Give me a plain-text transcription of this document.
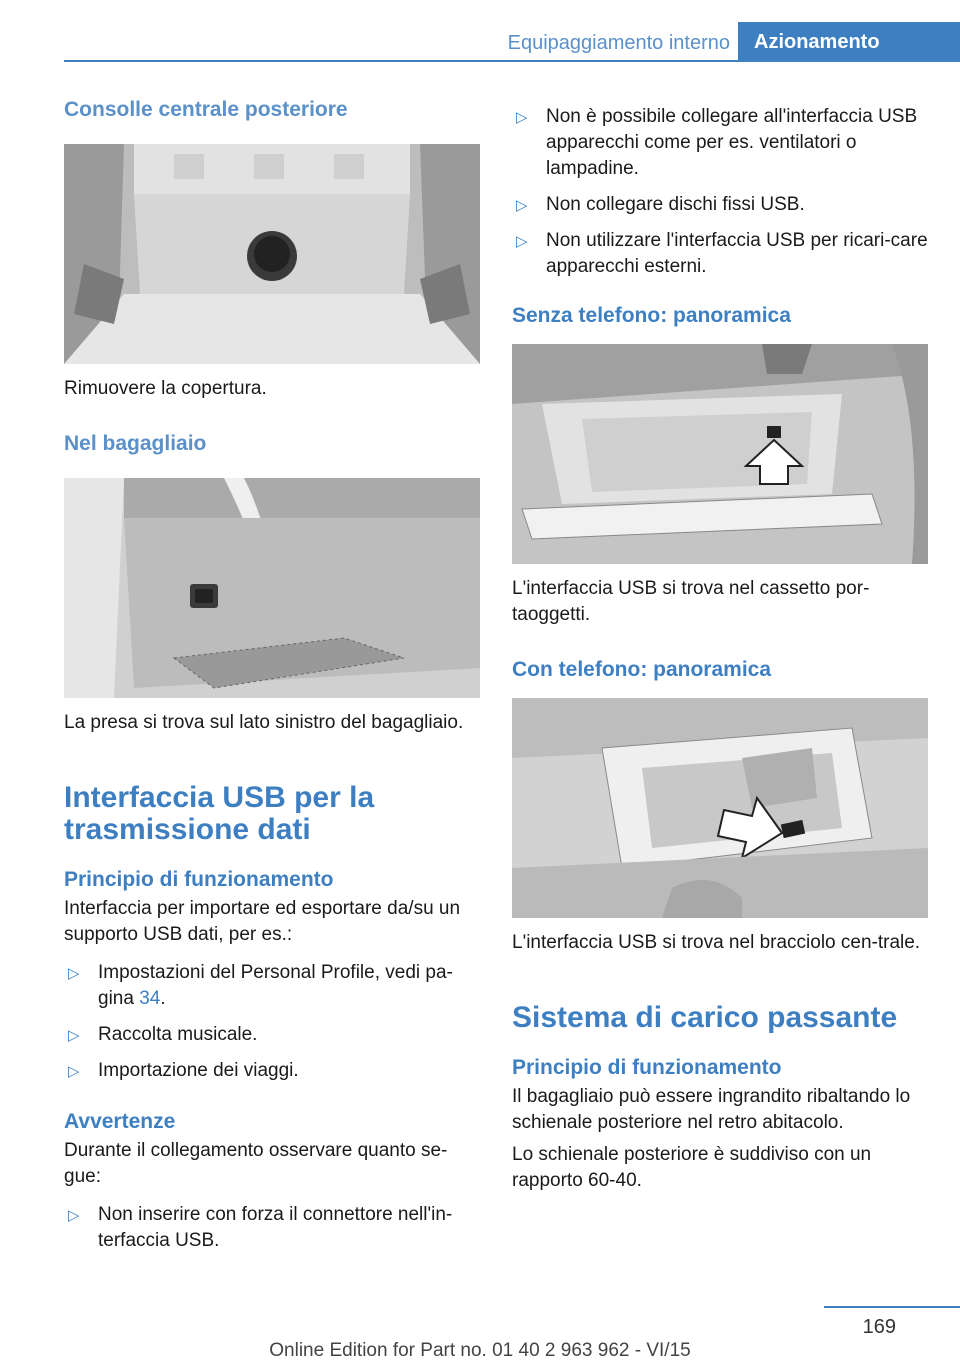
Equipaggiamento interno	Azionamento
Consolle centrale posteriore
Rimuovere la copertura.
Nel bagagliaio
La presa si trova sul lato sinistro del bagagliaio.
Interfaccia USB per la
trasmissione dati
Principio di funzionamento
Interfaccia per importare ed esportare da/su un supporto USB dati, per es.:
▷ Impostazioni del Personal Profile, vedi pa-gina 34.
▷ Raccolta musicale.
▷ Importazione dei viaggi.
Avvertenze
Durante il collegamento osservare quanto se-gue:
▷ Non inserire con forza il connettore nell'in-terfaccia USB.
▷ Non è possibile collegare all'interfaccia USB apparecchi come per es. ventilatori o lampadine.
▷ Non collegare dischi fissi USB.
▷ Non utilizzare l'interfaccia USB per ricari-care apparecchi esterni.
Senza telefono: panoramica
L'interfaccia USB si trova nel cassetto por-taoggetti.
Con telefono: panoramica
L'interfaccia USB si trova nel bracciolo cen-trale.
Sistema di carico passante
Principio di funzionamento
Il bagagliaio può essere ingrandito ribaltando lo schienale posteriore nel retro abitacolo.
Lo schienale posteriore è suddiviso con un rapporto 60-40.
169
Online Edition for Part no. 01 40 2 963 962 - VI/15
